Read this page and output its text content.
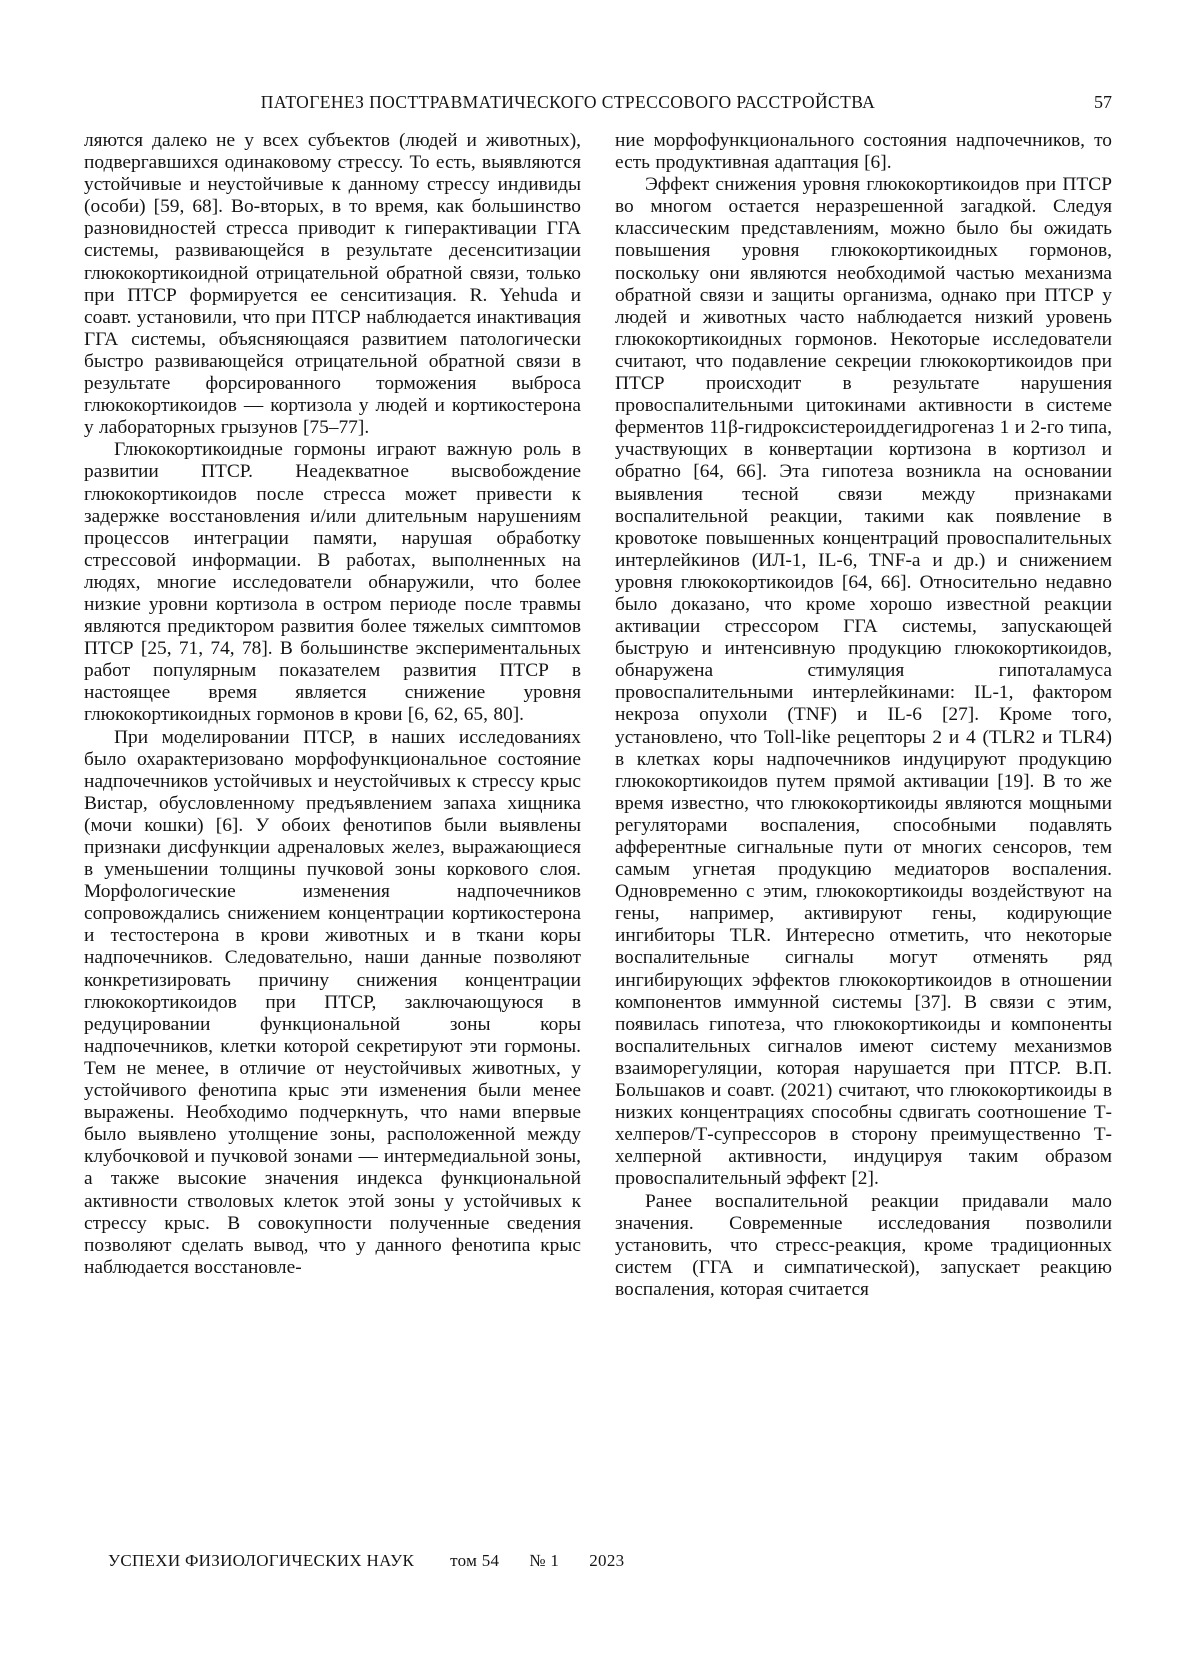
ПАТОГЕНЕЗ ПОСТТРАВМАТИЧЕСКОГО СТРЕССОВОГО РАССТРОЙСТВА	57

ляются далеко не у всех субъектов (людей и животных), подвергавшихся одинаковому стрессу. То есть, выявляются устойчивые и неустойчивые к данному стрессу индивиды (особи) [59, 68]. Во-вторых, в то время, как большинство разновидностей стресса приводит к гиперактивации ГГА системы, развивающейся в результате десенситизации глюкокортикоидной отрицательной обратной связи, только при ПТСР формируется ее сенситизация. R. Yehuda и соавт. установили, что при ПТСР наблюдается инактивация ГГА системы, объясняющаяся развитием патологически быстро развивающейся отрицательной обратной связи в результате форсированного торможения выброса глюкокортикоидов — кортизола у людей и кортикостерона у лабораторных грызунов [75–77].

Глюкокортикоидные гормоны играют важную роль в развитии ПТСР. Неадекватное высвобождение глюкокортикоидов после стресса может привести к задержке восстановления и/или длительным нарушениям процессов интеграции памяти, нарушая обработку стрессовой информации. В работах, выполненных на людях, многие исследователи обнаружили, что более низкие уровни кортизола в остром периоде после травмы являются предиктором развития более тяжелых симптомов ПТСР [25, 71, 74, 78]. В большинстве экспериментальных работ популярным показателем развития ПТСР в настоящее время является снижение уровня глюкокортикоидных гормонов в крови [6, 62, 65, 80].

При моделировании ПТСР, в наших исследованиях было охарактеризовано морфофункциональное состояние надпочечников устойчивых и неустойчивых к стрессу крыс Вистар, обусловленному предъявлением запаха хищника (мочи кошки) [6]. У обоих фенотипов были выявлены признаки дисфункции адреналовых желез, выражающиеся в уменьшении толщины пучковой зоны коркового слоя. Морфологические изменения надпочечников сопровождались снижением концентрации кортикостерона и тестостерона в крови животных и в ткани коры надпочечников. Следовательно, наши данные позволяют конкретизировать причину снижения концентрации глюкокортикоидов при ПТСР, заключающуюся в редуцировании функциональной зоны коры надпочечников, клетки которой секретируют эти гормоны. Тем не менее, в отличие от неустойчивых животных, у устойчивого фенотипа крыс эти изменения были менее выражены. Необходимо подчеркнуть, что нами впервые было выявлено утолщение зоны, расположенной между клубочковой и пучковой зонами — интермедиальной зоны, а также высокие значения индекса функциональной активности стволовых клеток этой зоны у устойчивых к стрессу крыс. В совокупности полученные сведения позволяют сделать вывод, что у данного фенотипа крыс наблюдается восстановле-

ние морфофункционального состояния надпочечников, то есть продуктивная адаптация [6].

Эффект снижения уровня глюкокортикоидов при ПТСР во многом остается неразрешенной загадкой. Следуя классическим представлениям, можно было бы ожидать повышения уровня глюкокортикоидных гормонов, поскольку они являются необходимой частью механизма обратной связи и защиты организма, однако при ПТСР у людей и животных часто наблюдается низкий уровень глюкокортикоидных гормонов. Некоторые исследователи считают, что подавление секреции глюкокортикоидов при ПТСР происходит в результате нарушения провоспалительными цитокинами активности в системе ферментов 11β-гидроксистероиддегидрогеназ 1 и 2-го типа, участвующих в конвертации кортизона в кортизол и обратно [64, 66]. Эта гипотеза возникла на основании выявления тесной связи между признаками воспалительной реакции, такими как появление в кровотоке повышенных концентраций провоспалительных интерлейкинов (ИЛ-1, IL-6, TNF-a и др.) и снижением уровня глюкокортикоидов [64, 66]. Относительно недавно было доказано, что кроме хорошо известной реакции активации стрессором ГГА системы, запускающей быструю и интенсивную продукцию глюкокортикоидов, обнаружена стимуляция гипоталамуса провоспалительными интерлейкинами: IL-1, фактором некроза опухоли (TNF) и IL-6 [27]. Кроме того, установлено, что Toll-like рецепторы 2 и 4 (TLR2 и TLR4) в клетках коры надпочечников индуцируют продукцию глюкокортикоидов путем прямой активации [19]. В то же время известно, что глюкокортикоиды являются мощными регуляторами воспаления, способными подавлять афферентные сигнальные пути от многих сенсоров, тем самым угнетая продукцию медиаторов воспаления. Одновременно с этим, глюкокортикоиды воздействуют на гены, например, активируют гены, кодирующие ингибиторы TLR. Интересно отметить, что некоторые воспалительные сигналы могут отменять ряд ингибирующих эффектов глюкокортикоидов в отношении компонентов иммунной системы [37]. В связи с этим, появилась гипотеза, что глюкокортикоиды и компоненты воспалительных сигналов имеют систему механизмов взаиморегуляции, которая нарушается при ПТСР. В.П. Большаков и соавт. (2021) считают, что глюкокортикоиды в низких концентрациях способны сдвигать соотношение Т-хелперов/Т-супрессоров в сторону преимущественно Т-хелперной активности, индуцируя таким образом провоспалительный эффект [2].

Ранее воспалительной реакции придавали мало значения. Современные исследования позволили установить, что стресс-реакция, кроме традиционных систем (ГГА и симпатической), запускает реакцию воспаления, которая считается

УСПЕХИ ФИЗИОЛОГИЧЕСКИХ НАУК том 54 № 1 2023
